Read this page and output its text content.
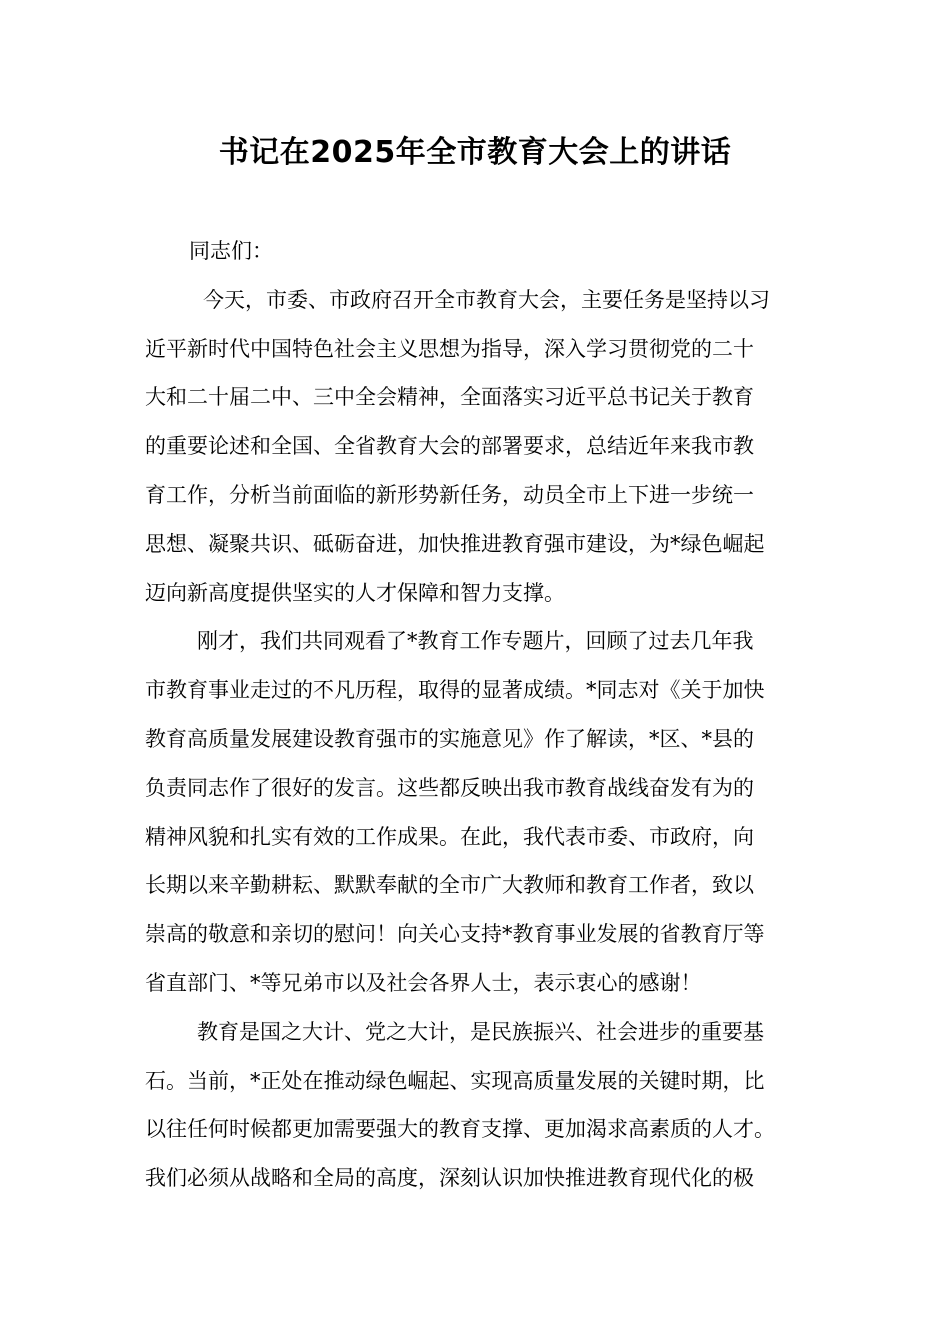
书记在2025年全市教育大会上的讲话

同志们：

今天，市委、市政府召开全市教育大会，主要任务是坚持以习
近平新时代中国特色社会主义思想为指导，深入学习贯彻党的二十
大和二十届二中、三中全会精神，全面落实习近平总书记关于教育
的重要论述和全国、全省教育大会的部署要求，总结近年来我市教
育工作，分析当前面临的新形势新任务，动员全市上下进一步统一
思想、凝聚共识、砥砺奋进，加快推进教育强市建设，为*绿色崛起
迈向新高度提供坚实的人才保障和智力支撑。
刚才，我们共同观看了*教育工作专题片，回顾了过去几年我
市教育事业走过的不凡历程，取得的显著成绩。*同志对《关于加快
教育高质量发展建设教育强市的实施意见》作了解读，*区、*县的
负责同志作了很好的发言。这些都反映出我市教育战线奋发有为的
精神风貌和扎实有效的工作成果。在此，我代表市委、市政府，向
长期以来辛勤耕耘、默默奉献的全市广大教师和教育工作者，致以
崇高的敬意和亲切的慰问！向关心支持*教育事业发展的省教育厅等
省直部门、*等兄弟市以及社会各界人士，表示衷心的感谢！
教育是国之大计、党之大计，是民族振兴、社会进步的重要基
石。当前，*正处在推动绿色崛起、实现高质量发展的关键时期，比
以往任何时候都更加需要强大的教育支撑、更加渴求高素质的人才。
我们必须从战略和全局的高度，深刻认识加快推进教育现代化的极
